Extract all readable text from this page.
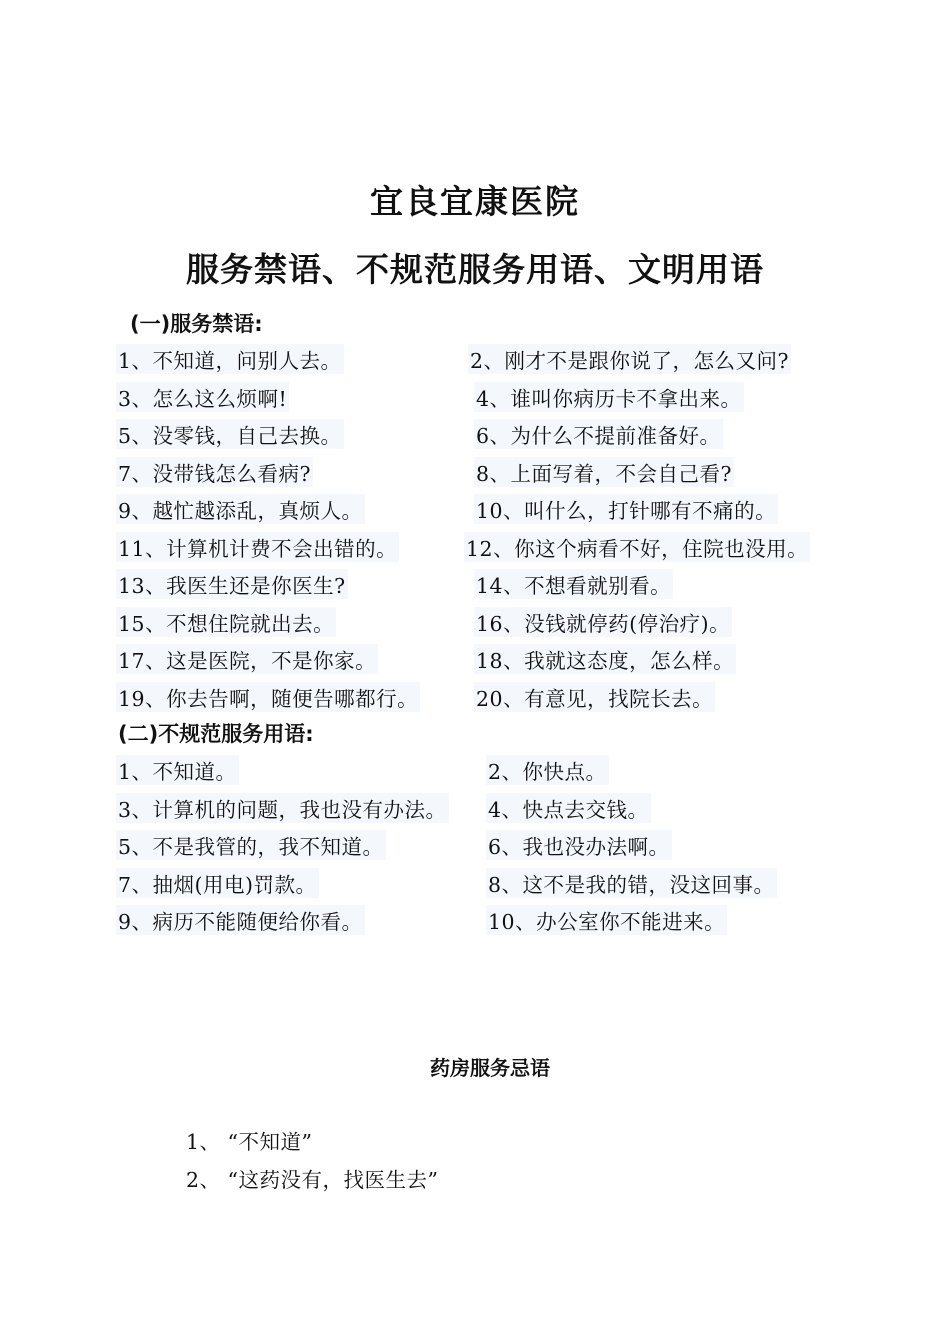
宜良宜康医院
服务禁语、不规范服务用语、文明用语
(一)服务禁语:
1、不知道，问别人去。	2、刚才不是跟你说了，怎么又问?
3、怎么这么烦啊!	4、谁叫你病历卡不拿出来。
5、没零钱，自己去换。	6、为什么不提前准备好。
7、没带钱怎么看病?	8、上面写着，不会自己看?
9、越忙越添乱，真烦人。	10、叫什么，打针哪有不痛的。
11、计算机计费不会出错的。	12、你这个病看不好，住院也没用。
13、我医生还是你医生?	14、不想看就别看。
15、不想住院就出去。	16、没钱就停药(停治疗)。
17、这是医院，不是你家。	18、我就这态度，怎么样。
19、你去告啊，随便告哪都行。	20、有意见，找院长去。
(二)不规范服务用语:
1、不知道。	2、你快点。
3、计算机的问题，我也没有办法。 4、快点去交钱。
5、不是我管的，我不知道。	6、我也没办法啊。
7、抽烟(用电)罚款。	8、这不是我的错，没这回事。
9、病历不能随便给你看。	10、办公室你不能进来。
药房服务忌语
1、 “不知道”
2、 “这药没有，找医生去”
